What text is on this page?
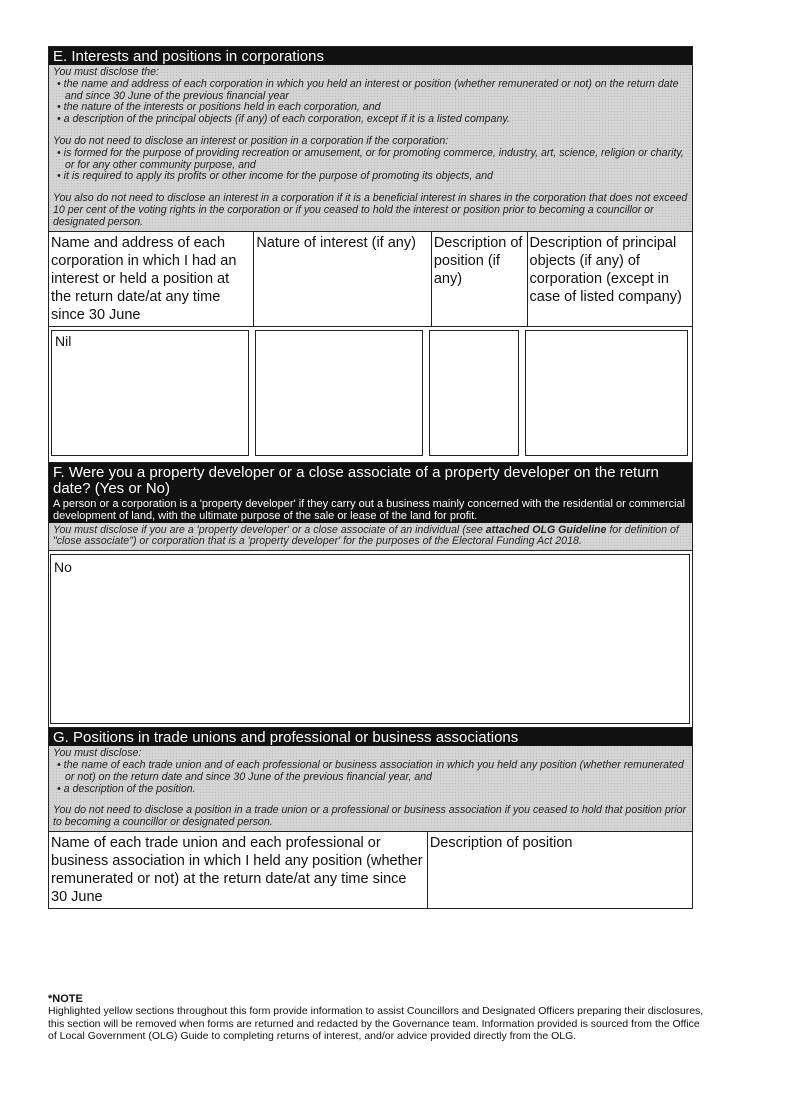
E. Interests and positions in corporations

You must disclose the:

• the name and address of each corporation in which you held an interest or position (whether remunerated or not) on the return date and since 30 June of the previous financial year

• the nature of the interests or positions held in each corporation, and

• a description of the principal objects (if any) of each corporation, except if it is a listed company.

You do not need to disclose an interest or position in a corporation if the corporation:

• is formed for the purpose of providing recreation or amusement, or for promoting commerce, industry, art, science, religion or charity, or for any other community purpose, and

• it is required to apply its profits or other income for the purpose of promoting its objects, and

You also do not need to disclose an interest in a corporation if it is a beneficial interest in shares in the corporation that does not exceed 10 per cent of the voting rights in the corporation or if you ceased to hold the interest or position prior to becoming a councillor or designated person.

Name and address of each corporation in which I had an interest or held a position at the return date/at any time since 30 June
Nature of interest (if any)	Description of position (if any)
Description of principal objects (if any) of corporation (except in case of listed company)
Nil
F. Were you a property developer or a close associate of a property developer on the return date? (Yes or No)
A person or a corporation is a 'property developer' if they carry out a business mainly concerned with the residential or commercial development of land, with the ultimate purpose of the sale or lease of the land for profit.

You must disclose if you are a 'property developer' or a close associate of an individual (see attached OLG Guideline for definition of "close associate") or corporation that is a 'property developer' for the purposes of the Electoral Funding Act 2018.

No
G. Positions in trade unions and professional or business associations

You must disclose:

• the name of each trade union and of each professional or business association in which you held any position (whether remunerated or not) on the return date and since 30 June of the previous financial year, and

• a description of the position.

You do not need to disclose a position in a trade union or a professional or business association if you ceased to hold that position prior to becoming a councillor or designated person.

Name of each trade union and each professional or business association in which I held any position (whether remunerated or not) at the return date/at any time since 30 June
Description of position
*NOTE
Highlighted yellow sections throughout this form provide information to assist Councillors and Designated Officers preparing their disclosures, this section will be removed when forms are returned and redacted by the Governance team. Information provided is sourced from the Office of Local Government (OLG) Guide to completing returns of interest, and/or advice provided directly from the OLG.
